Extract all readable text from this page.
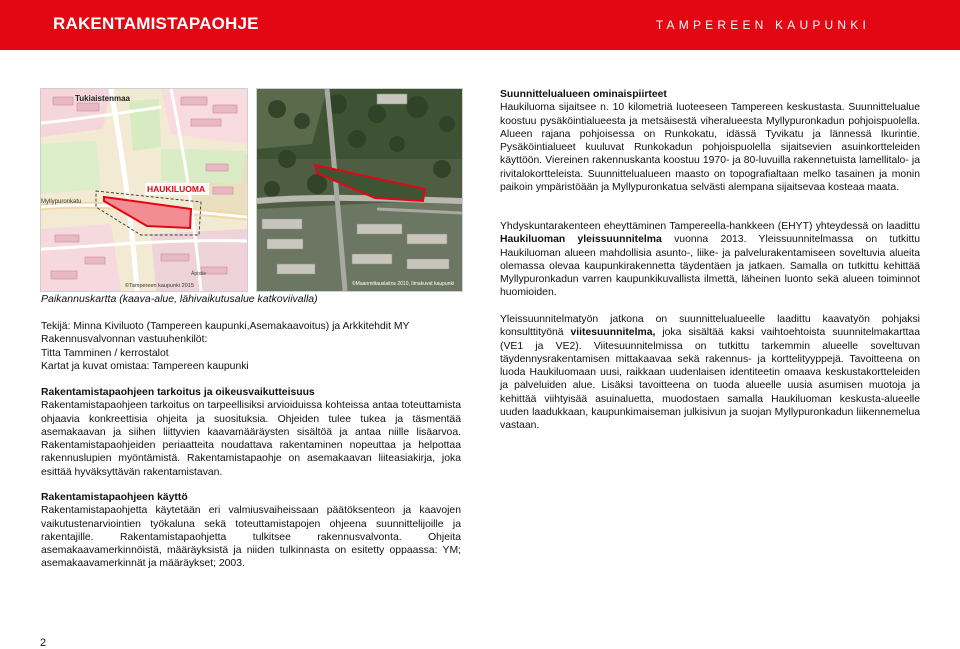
RAKENTAMISTAPAOHJE	TAMPEREEN KAUPUNKI
HAUKILUOMA
Tukiaistenmaa
Myllypuronkatu
Äpistie
©Tampereen kaupunki 2015	©Maanmittauslaitos 2010, Ilmakuvat kaupunki
Paikannuskartta (kaava-alue, lähivaikutusalue katkoviivalla)

Tekijä: Minna Kiviluoto (Tampereen kaupunki,Asemakaavoitus) ja Arkkitehdit MY

Rakennusvalvonnan vastuuhenkilöt:

Titta Tamminen / kerrostalot

Kartat ja kuvat omistaa: Tampereen kaupunki

Rakentamistapaohjeen tarkoitus ja oikeusvaikutteisuus

Rakentamistapaohjeen tarkoitus on tarpeellisiksi arvioiduissa kohteissa antaa toteuttamista ohjaavia konkreettisia ohjeita ja suosituksia. Ohjeiden tulee tukea ja täsmentää asemakaavan ja siihen liittyvien kaavamääräysten sisältöä ja antaa niille lisäarvoa. Rakentamistapaohjeiden periaatteita noudattava rakentaminen nopeuttaa ja helpottaa rakennuslupien myöntämistä. Rakentamistapaohje on asemakaavan liiteasiakirja, joka esittää hyväksyttävän rakentamistavan.

Rakentamistapaohjeen käyttö

Rakentamistapaohjetta käytetään eri valmiusvaiheissaan päätöksenteon ja kaavojen vaikutustenarviointien työkaluna sekä toteuttamistapojen ohjeena suunnittelijoille ja rakentajille. Rakentamistapaohjetta tulkitsee rakennusvalvonta. Ohjeita asemakaavamerkinnöistä, määräyksistä ja niiden tulkinnasta on esitetty oppaassa: YM; asemakaavamerkinnät ja määräykset; 2003.

Suunnittelualueen ominaispiirteet

Haukiluoma sijaitsee n. 10 kilometriä luoteeseen Tampereen keskustasta. Suunnittelualue koostuu pysäköintialueesta ja metsäisestä viheralueesta Myllypuronkadun pohjoispuolella. Alueen rajana pohjoisessa on Runkokatu, idässä Tyvikatu ja lännessä Ikurintie. Pysäköintialueet kuuluvat Runkokadun pohjoispuolella sijaitsevien asuinkortteleiden käyttöön. Viereinen rakennuskanta koostuu 1970- ja 80-luvuilla rakennetuista lamellitalo- ja rivitalokortteleista. Suunnittelualueen maasto on topografialtaan melko tasainen ja monin paikoin ympäristöään ja Myllypuronkatua selvästi alempana sijaitsevaa kosteaa maata.

Yhdyskuntarakenteen eheyttäminen Tampereella-hankkeen (EHYT) yhteydessä on laadittu Haukiluoman yleissuunnitelma vuonna 2013. Yleissuunnitelmassa on tutkittu Haukiluoman alueen mahdollisia asunto-, liike- ja palvelurakentamiseen soveltuvia alueita olemassa olevaa kaupunkirakennetta täydentäen ja jatkaen. Samalla on tutkittu kehittää Myllypuronkadun varren kaupunkikuvallista ilmettä, läheinen luonto sekä alueen toiminnot huomioiden.
Yleissuunnitelmatyön jatkona on suunnittelualueelle laadittu kaavatyön pohjaksi konsulttityönä viitesuunnitelma, joka sisältää kaksi vaihtoehtoista suunnitelmakarttaa (VE1 ja VE2). Viitesuunnitelmissa on tutkittu tarkemmin alueelle soveltuvan täydennysrakentamisen mittakaavaa sekä rakennus- ja korttelityyppejä. Tavoitteena on luoda Haukiluomaan uusi, raikkaan uudenlaisen identiteetin omaava keskustakortteleiden ja palveluiden alue. Lisäksi tavoitteena on tuoda alueelle uusia asumisen muotoja ja kehittää viihtyisää asuinaluetta, muodostaen samalla Haukiluoman keskusta-alueelle uuden laadukkaan, kaupunkimaiseman julkisivun ja suojan Myllypuronkadun liikennemelua vastaan.
2
